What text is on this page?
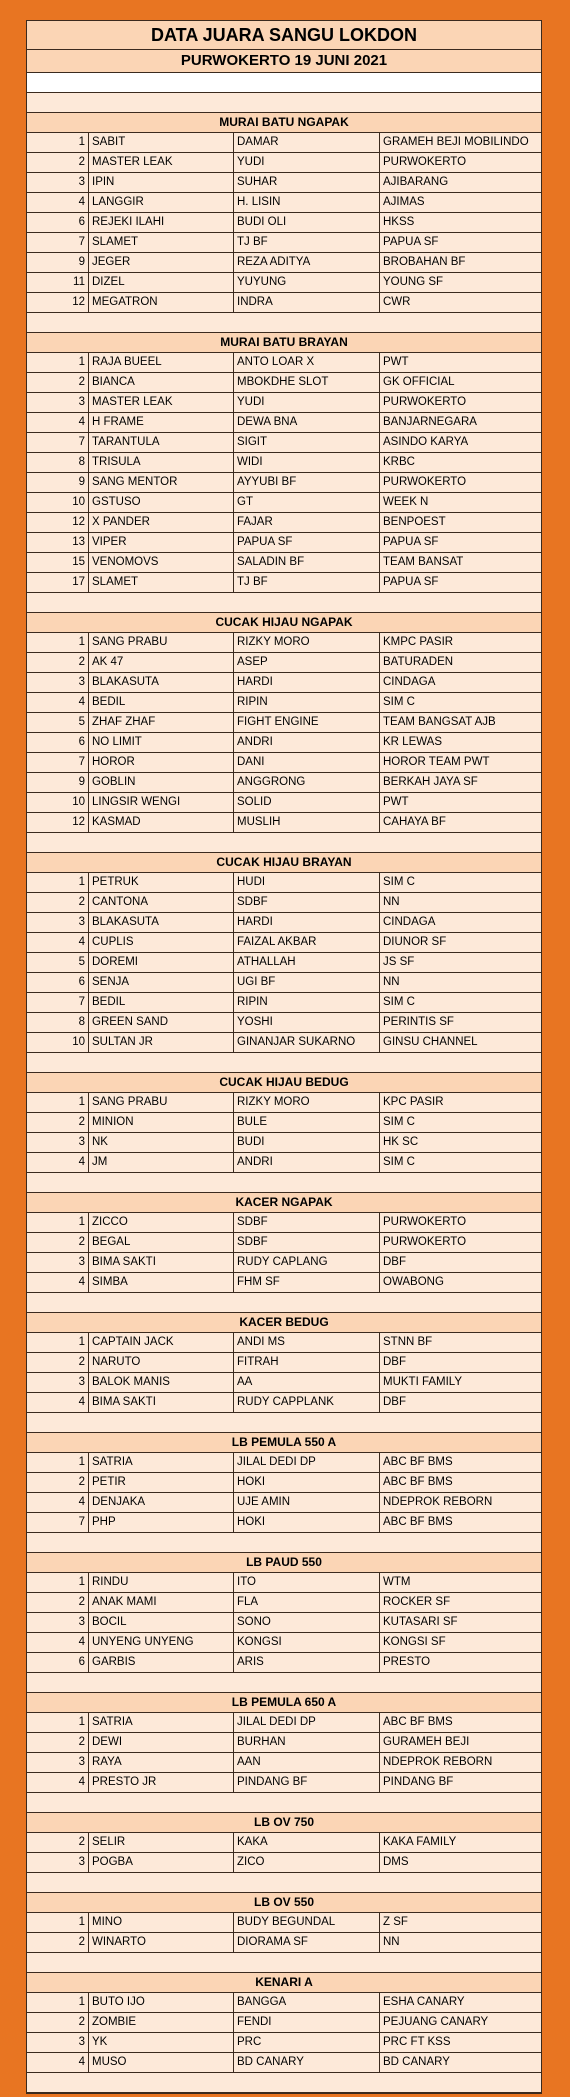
DATA JUARA SANGU LOKDON
PURWOKERTO 19 JUNI 2021
MURAI BATU NGAPAK
1 SABIT	DAMAR	GRAMEH BEJI MOBILINDO
2 MASTER LEAK	YUDI	PURWOKERTO
3 IPIN	SUHAR	AJIBARANG
4 LANGGIR	H. LISIN	AJIMAS
6 REJEKI ILAHI	BUDI OLI	HKSS
7 SLAMET	TJ BF	PAPUA SF
9 JEGER	REZA ADITYA	BROBAHAN BF
11 DIZEL	YUYUNG	YOUNG SF
12 MEGATRON	INDRA	CWR
MURAI BATU BRAYAN
1 RAJA BUEEL	ANTO LOAR X	PWT
2 BIANCA	MBOKDHE SLOT	GK OFFICIAL
3 MASTER LEAK	YUDI	PURWOKERTO
4 H FRAME	DEWA BNA	BANJARNEGARA
7 TARANTULA	SIGIT	ASINDO KARYA
8 TRISULA	WIDI	KRBC
9 SANG MENTOR	AYYUBI BF	PURWOKERTO
10 GSTUSO	GT	WEEK N
12 X PANDER	FAJAR	BENPOEST
13 VIPER	PAPUA SF	PAPUA SF
15 VENOMOVS	SALADIN BF	TEAM BANSAT
17 SLAMET	TJ BF	PAPUA SF
CUCAK HIJAU NGAPAK
1 SANG PRABU	RIZKY MORO	KMPC PASIR
2 AK 47	ASEP	BATURADEN
3 BLAKASUTA	HARDI	CINDAGA
4 BEDIL	RIPIN	SIM C
5 ZHAF ZHAF	FIGHT ENGINE	TEAM BANGSAT AJB
6 NO LIMIT	ANDRI	KR LEWAS
7 HOROR	DANI	HOROR TEAM PWT
9 GOBLIN	ANGGRONG	BERKAH JAYA SF
10 LINGSIR WENGI	SOLID	PWT
12 KASMAD	MUSLIH	CAHAYA BF
CUCAK HIJAU BRAYAN
1 PETRUK	HUDI	SIM C
2 CANTONA	SDBF	NN
3 BLAKASUTA	HARDI	CINDAGA
4 CUPLIS	FAIZAL AKBAR	DIUNOR SF
5 DOREMI	ATHALLAH	JS SF
6 SENJA	UGI BF	NN
7 BEDIL	RIPIN	SIM C
8 GREEN SAND	YOSHI	PERINTIS SF
10 SULTAN JR	GINANJAR SUKARNO	GINSU CHANNEL
CUCAK HIJAU BEDUG
1 SANG PRABU	RIZKY MORO	KPC PASIR
2 MINION	BULE	SIM C
3 NK	BUDI	HK SC
4 JM	ANDRI	SIM C
KACER NGAPAK
1 ZICCO	SDBF	PURWOKERTO
2 BEGAL	SDBF	PURWOKERTO
3 BIMA SAKTI	RUDY CAPLANG	DBF
4 SIMBA	FHM SF	OWABONG
KACER BEDUG
1 CAPTAIN JACK	ANDI MS	STNN BF
2 NARUTO	FITRAH	DBF
3 BALOK MANIS	AA	MUKTI FAMILY
4 BIMA SAKTI	RUDY CAPPLANK	DBF
LB PEMULA 550 A
1 SATRIA	JILAL DEDI DP	ABC BF BMS
2 PETIR	HOKI	ABC BF BMS
4 DENJAKA	UJE AMIN	NDEPROK REBORN
7 PHP	HOKI	ABC BF BMS
LB PAUD 550
1 RINDU	ITO	WTM
2 ANAK MAMI	FLA	ROCKER SF
3 BOCIL	SONO	KUTASARI SF
4 UNYENG UNYENG	KONGSI	KONGSI SF
6 GARBIS	ARIS	PRESTO
LB PEMULA 650 A
1 SATRIA	JILAL DEDI DP	ABC BF BMS
2 DEWI	BURHAN	GURAMEH BEJI
3 RAYA	AAN	NDEPROK REBORN
4 PRESTO JR	PINDANG BF	PINDANG BF
LB OV 750
2 SELIR	KAKA	KAKA FAMILY
3 POGBA	ZICO	DMS
LB OV 550
1 MINO	BUDY BEGUNDAL	Z SF
2 WINARTO	DIORAMA SF	NN
KENARI A
1 BUTO IJO	BANGGA	ESHA CANARY
2 ZOMBIE	FENDI	PEJUANG CANARY
3 YK	PRC	PRC FT KSS
4 MUSO	BD CANARY	BD CANARY
